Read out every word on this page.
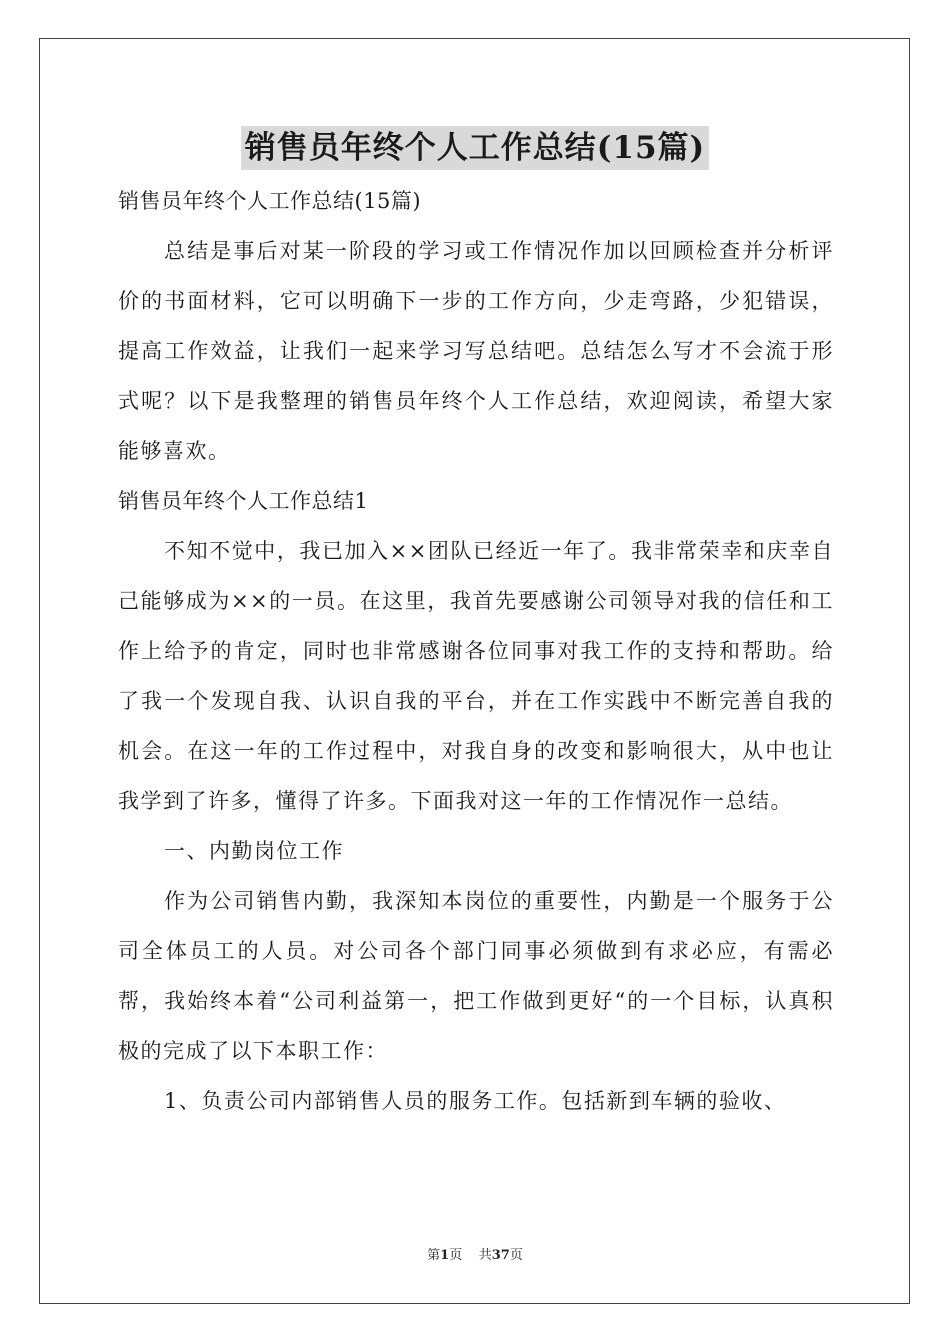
销售员年终个人工作总结(15篇)

销售员年终个人工作总结(15篇)

总结是事后对某一阶段的学习或工作情况作加以回顾检查并分析评价的书面材料，它可以明确下一步的工作方向，少走弯路，少犯错误，提高工作效益，让我们一起来学习写总结吧。总结怎么写才不会流于形式呢？以下是我整理的销售员年终个人工作总结，欢迎阅读，希望大家能够喜欢。

销售员年终个人工作总结1

不知不觉中，我已加入××团队已经近一年了。我非常荣幸和庆幸自己能够成为××的一员。在这里，我首先要感谢公司领导对我的信任和工作上给予的肯定，同时也非常感谢各位同事对我工作的支持和帮助。给了我一个发现自我、认识自我的平台，并在工作实践中不断完善自我的机会。在这一年的工作过程中，对我自身的改变和影响很大，从中也让我学到了许多，懂得了许多。下面我对这一年的工作情况作一总结。

一、内勤岗位工作

作为公司销售内勤，我深知本岗位的重要性，内勤是一个服务于公司全体员工的人员。对公司各个部门同事必须做到有求必应，有需必帮，我始终本着“公司利益第一，把工作做到更好“的一个目标，认真积极的完成了以下本职工作：

1、负责公司内部销售人员的服务工作。包括新到车辆的验收、

第1页 共37页
